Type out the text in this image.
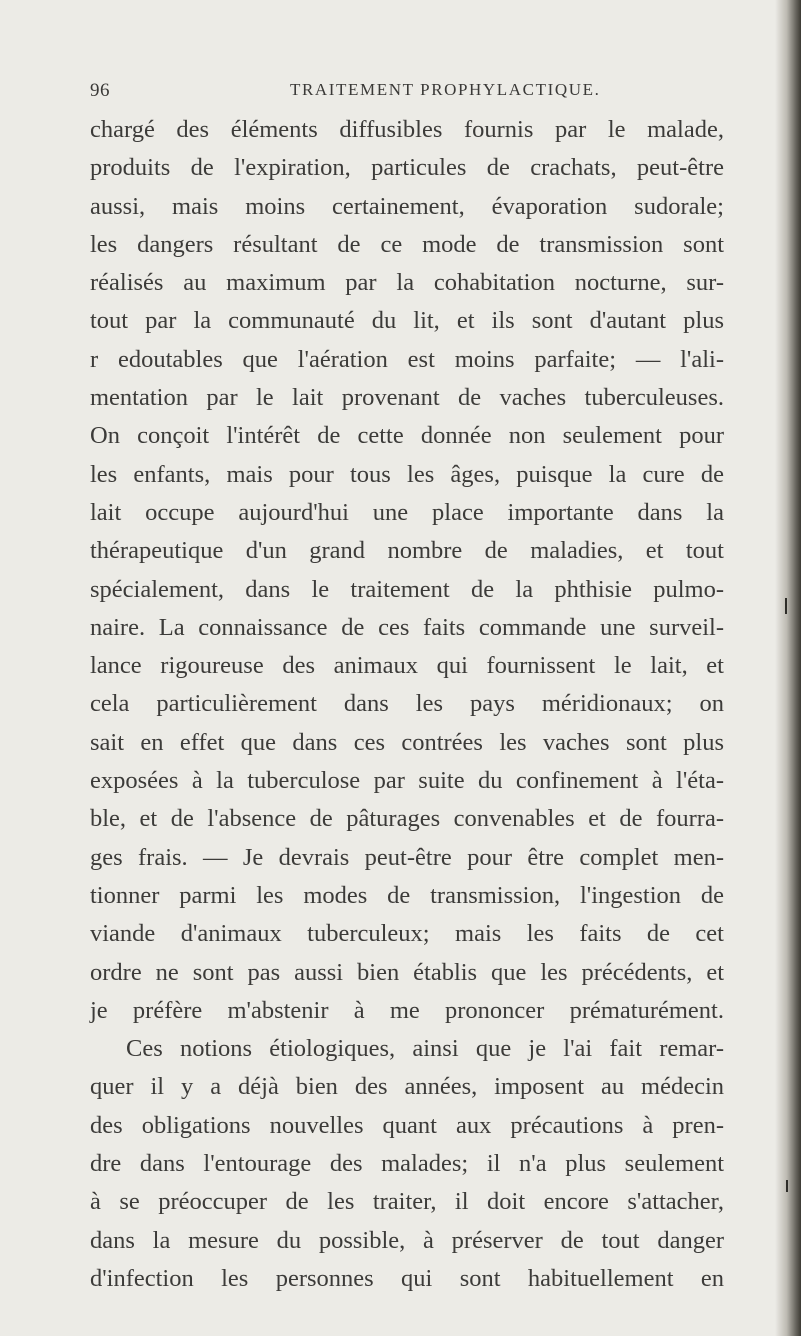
96	TRAITEMENT PROPHYLACTIQUE.
chargé des éléments diffusibles fournis par le malade,
produits de l'expiration, particules de crachats, peut-être
aussi, mais moins certainement, évaporation sudorale;
les dangers résultant de ce mode de transmission sont
réalisés au maximum par la cohabitation nocturne, sur-
tout par la communauté du lit, et ils sont d'autant plus
r edoutables que l'aération est moins parfaite; — l'ali-
mentation par le lait provenant de vaches tuberculeuses.
On conçoit l'intérêt de cette donnée non seulement pour
les enfants, mais pour tous les âges, puisque la cure de
lait occupe aujourd'hui une place importante dans la
thérapeutique d'un grand nombre de maladies, et tout
spécialement, dans le traitement de la phthisie pulmo-
naire. La connaissance de ces faits commande une surveil-
lance rigoureuse des animaux qui fournissent le lait, et
cela particulièrement dans les pays méridionaux; on
sait en effet que dans ces contrées les vaches sont plus
exposées à la tuberculose par suite du confinement à l'éta-
ble, et de l'absence de pâturages convenables et de fourra-
ges frais. — Je devrais peut-être pour être complet men-
tionner parmi les modes de transmission, l'ingestion de
viande d'animaux tuberculeux; mais les faits de cet
ordre ne sont pas aussi bien établis que les précédents, et
je préfère m'abstenir à me prononcer prématurément.
Ces notions étiologiques, ainsi que je l'ai fait remar-
quer il y a déjà bien des années, imposent au médecin
des obligations nouvelles quant aux précautions à pren-
dre dans l'entourage des malades; il n'a plus seulement
à se préoccuper de les traiter, il doit encore s'attacher,
dans la mesure du possible, à préserver de tout danger
d'infection les personnes qui sont habituellement en
